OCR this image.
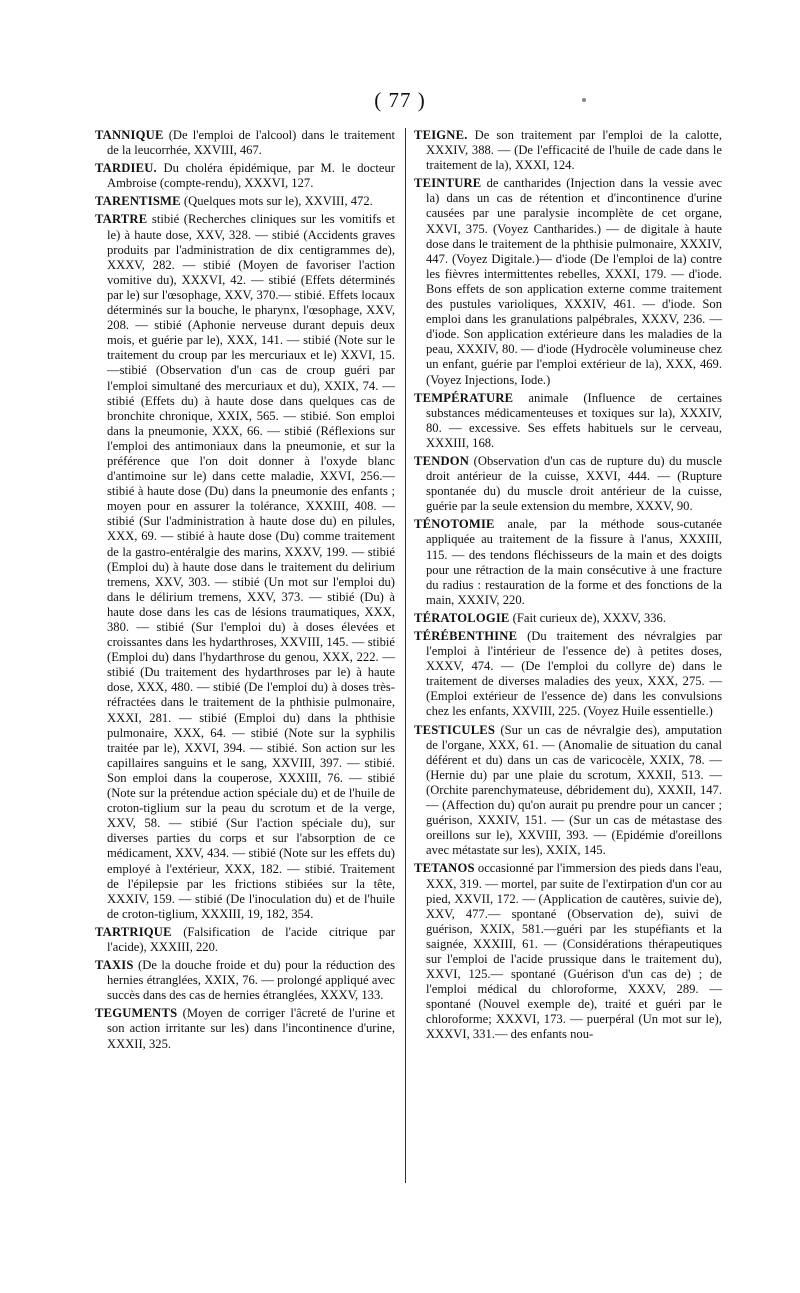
( 77 )

TANNIQUE (De l'emploi de l'alcool) dans le traitement de la leucorrhée, XXVIII, 467.

TARDIEU. Du choléra épidémique, par M. le docteur Ambroise (compte-rendu), XXXVI, 127.

TARENTISME (Quelques mots sur le), XXVIII, 472.

TARTRE stibié (Recherches cliniques sur les vomitifs et le) à haute dose, XXV, 328. — stibié (Accidents graves produits par l'administration de dix centigrammes de), XXXV, 282. — stibié (Moyen de favoriser l'action vomitive du), XXXVI, 42. — stibié (Effets déterminés par le) sur l'œsophage, XXV, 370.— stibié. Effets locaux déterminés sur la bouche, le pharynx, l'œsophage, XXV, 208. — stibié (Aphonie nerveuse durant depuis deux mois, et guérie par le), XXX, 141. — stibié (Note sur le traitement du croup par les mercuriaux et le) XXVI, 15.—stibié (Observation d'un cas de croup guéri par l'emploi simultané des mercuriaux et du), XXIX, 74. — stibié (Effets du) à haute dose dans quelques cas de bronchite chronique, XXIX, 565. — stibié. Son emploi dans la pneumonie, XXX, 66. — stibié (Réflexions sur l'emploi des antimoniaux dans la pneumonie, et sur la préférence que l'on doit donner à l'oxyde blanc d'antimoine sur le) dans cette maladie, XXVI, 256.—stibié à haute dose (Du) dans la pneumonie des enfants ; moyen pour en assurer la tolérance, XXXIII, 408. — stibié (Sur l'administration à haute dose du) en pilules, XXX, 69. — stibié à haute dose (Du) comme traitement de la gastro-entéralgie des marins, XXXV, 199. — stibié (Emploi du) à haute dose dans le traitement du delirium tremens, XXV, 303. — stibié (Un mot sur l'emploi du) dans le délirium tremens, XXV, 373. — stibié (Du) à haute dose dans les cas de lésions traumatiques, XXX, 380. — stibié (Sur l'emploi du) à doses élevées et croissantes dans les hydarthroses, XXVIII, 145. — stibié (Emploi du) dans l'hydarthrose du genou, XXX, 222. — stibié (Du traitement des hydarthroses par le) à haute dose, XXX, 480. — stibié (De l'emploi du) à doses très-réfractées dans le traitement de la phthisie pulmonaire, XXXI, 281. — stibié (Emploi du) dans la phthisie pulmonaire, XXX, 64. — stibié (Note sur la syphilis traitée par le), XXVI, 394. — stibié. Son action sur les capillaires sanguins et le sang, XXVIII, 397. — stibié. Son emploi dans la couperose, XXXIII, 76. — stibié (Note sur la prétendue action spéciale du) et de l'huile de croton-tiglium sur la peau du scrotum et de la verge, XXV, 58. — stibié (Sur l'action spéciale du), sur diverses parties du corps et sur l'absorption de ce médicament, XXV, 434. — stibié (Note sur les effets du) employé à l'extérieur, XXX, 182. — stibié. Traitement de l'épilepsie par les frictions stibiées sur la tête, XXXIV, 159. — stibié (De l'inoculation du) et de l'huile de croton-tiglium, XXXIII, 19, 182, 354.

TARTRIQUE (Falsification de l'acide citrique par l'acide), XXXIII, 220.

TAXIS (De la douche froide et du) pour la réduction des hernies étranglées, XXIX, 76. — prolongé appliqué avec succès dans des cas de hernies étranglées, XXXV, 133.

TEGUMENTS (Moyen de corriger l'âcreté de l'urine et son action irritante sur les) dans l'incontinence d'urine, XXXII, 325.

TEIGNE. De son traitement par l'emploi de la calotte, XXXIV, 388. — (De l'efficacité de l'huile de cade dans le traitement de la), XXXI, 124.

TEINTURE de cantharides (Injection dans la vessie avec la) dans un cas de rétention et d'incontinence d'urine causées par une paralysie incomplète de cet organe, XXVI, 375. (Voyez Cantharides.) — de digitale à haute dose dans le traitement de la phthisie pulmonaire, XXXIV, 447. (Voyez Digitale.)— d'iode (De l'emploi de la) contre les fièvres intermittentes rebelles, XXXI, 179. — d'iode. Bons effets de son application externe comme traitement des pustules varioliques, XXXIV, 461. — d'iode. Son emploi dans les granulations palpébrales, XXXV, 236. — d'iode. Son application extérieure dans les maladies de la peau, XXXIV, 80. — d'iode (Hydrocèle volumineuse chez un enfant, guérie par l'emploi extérieur de la), XXX, 469. (Voyez Injections, Iode.)

TEMPÉRATURE animale (Influence de certaines substances médicamenteuses et toxiques sur la), XXXIV, 80. — excessive. Ses effets habituels sur le cerveau, XXXIII, 168.

TENDON (Observation d'un cas de rupture du) du muscle droit antérieur de la cuisse, XXVI, 444. — (Rupture spontanée du) du muscle droit antérieur de la cuisse, guérie par la seule extension du membre, XXXV, 90.

TÉNOTOMIE anale, par la méthode sous-cutanée appliquée au traitement de la fissure à l'anus, XXXIII, 115. — des tendons fléchisseurs de la main et des doigts pour une rétraction de la main consécutive à une fracture du radius : restauration de la forme et des fonctions de la main, XXXIV, 220.

TÉRATOLOGIE (Fait curieux de), XXXV, 336.

TÉRÉBENTHINE (Du traitement des névralgies par l'emploi à l'intérieur de l'essence de) à petites doses, XXXV, 474. — (De l'emploi du collyre de) dans le traitement de diverses maladies des yeux, XXX, 275. — (Emploi extérieur de l'essence de) dans les convulsions chez les enfants, XXVIII, 225. (Voyez Huile essentielle.)

TESTICULES (Sur un cas de névralgie des), amputation de l'organe, XXX, 61. — (Anomalie de situation du canal déférent et du) dans un cas de varicocèle, XXIX, 78. — (Hernie du) par une plaie du scrotum, XXXII, 513. — (Orchite parenchymateuse, débridement du), XXXII, 147. — (Affection du) qu'on aurait pu prendre pour un cancer ; guérison, XXXIV, 151. — (Sur un cas de métastase des oreillons sur le), XXVIII, 393. — (Epidémie d'oreillons avec métastate sur les), XXIX, 145.

TETANOS occasionné par l'immersion des pieds dans l'eau, XXX, 319. — mortel, par suite de l'extirpation d'un cor au pied, XXVII, 172. — (Application de cautères, suivie de), XXV, 477.— spontané (Observation de), suivi de guérison, XXIX, 581.—guéri par les stupéfiants et la saignée, XXXIII, 61. — (Considérations thérapeutiques sur l'emploi de l'acide prussique dans le traitement du), XXVI, 125.— spontané (Guérison d'un cas de) ; de l'emploi médical du chloroforme, XXXV, 289. — spontané (Nouvel exemple de), traité et guéri par le chloroforme; XXXVI, 173. — puerpéral (Un mot sur le), XXXVI, 331.— des enfants nou-
